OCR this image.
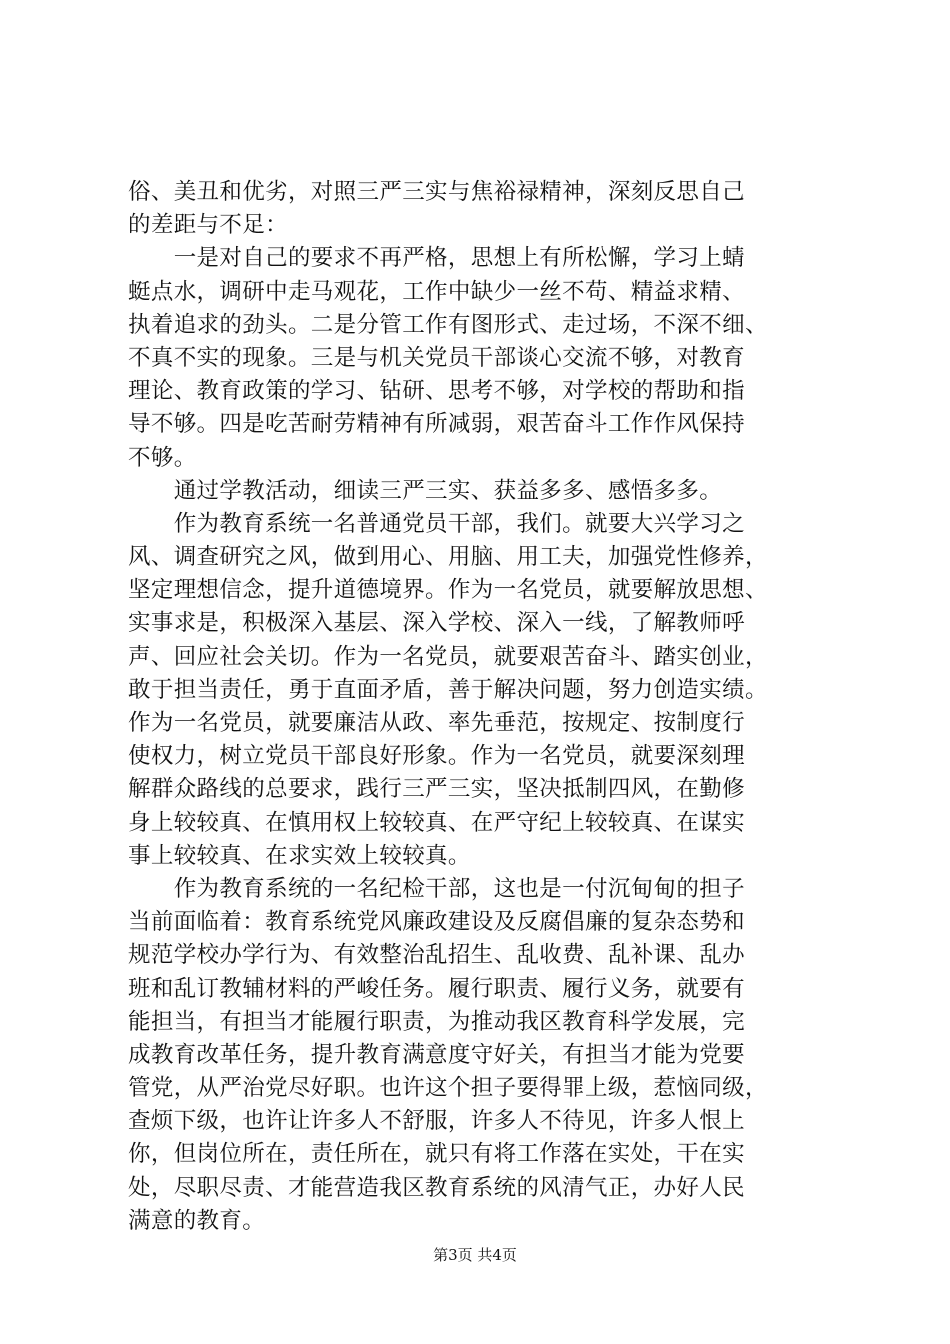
俗、美丑和优劣，对照三严三实与焦裕禄精神，深刻反思自己
的差距与不足：
　　一是对自己的要求不再严格，思想上有所松懈，学习上蜻
蜓点水，调研中走马观花，工作中缺少一丝不苟、精益求精、
执着追求的劲头。二是分管工作有图形式、走过场，不深不细、
不真不实的现象。三是与机关党员干部谈心交流不够，对教育
理论、教育政策的学习、钻研、思考不够，对学校的帮助和指
导不够。四是吃苦耐劳精神有所减弱，艰苦奋斗工作作风保持
不够。
　　通过学教活动，细读三严三实、获益多多、感悟多多。
　　作为教育系统一名普通党员干部，我们。就要大兴学习之
风、调查研究之风，做到用心、用脑、用工夫，加强党性修养，
坚定理想信念，提升道德境界。作为一名党员，就要解放思想、
实事求是，积极深入基层、深入学校、深入一线，了解教师呼
声、回应社会关切。作为一名党员，就要艰苦奋斗、踏实创业，
敢于担当责任，勇于直面矛盾，善于解决问题，努力创造实绩。
作为一名党员，就要廉洁从政、率先垂范，按规定、按制度行
使权力，树立党员干部良好形象。作为一名党员，就要深刻理
解群众路线的总要求，践行三严三实，坚决抵制四风，在勤修
身上较较真、在慎用权上较较真、在严守纪上较较真、在谋实
事上较较真、在求实效上较较真。
　　作为教育系统的一名纪检干部，这也是一付沉甸甸的担子
当前面临着：教育系统党风廉政建设及反腐倡廉的复杂态势和
规范学校办学行为、有效整治乱招生、乱收费、乱补课、乱办
班和乱订教辅材料的严峻任务。履行职责、履行义务，就要有
能担当，有担当才能履行职责，为推动我区教育科学发展，完
成教育改革任务，提升教育满意度守好关，有担当才能为党要
管党，从严治党尽好职。也许这个担子要得罪上级，惹恼同级，
查烦下级，也许让许多人不舒服，许多人不待见，许多人恨上
你，但岗位所在，责任所在，就只有将工作落在实处，干在实
处，尽职尽责、才能营造我区教育系统的风清气正，办好人民
满意的教育。
第3页 共4页
